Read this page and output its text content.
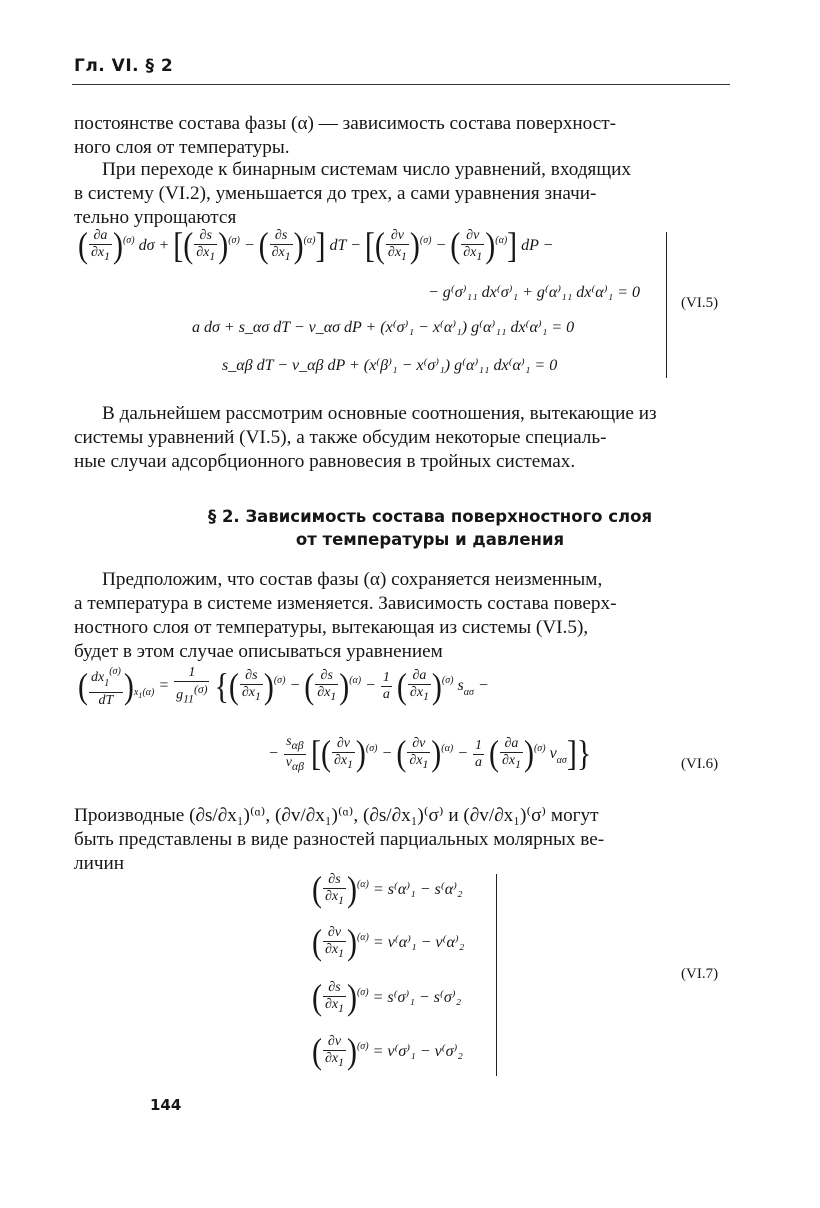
Гл. VI. § 2
постоянстве состава фазы (α) — зависимость состава поверхност-
ного слоя от температуры.
При переходе к бинарным системам число уравнений, входящих
в систему (VI.2), уменьшается до трех, а сами уравнения значи-
тельно упрощаются
( $\frac{\partial a}{\partial x_1} )^{(\sigma)}$ dσ + [( $\frac{\partial s}{\partial x_1} )^{(\sigma)}$ − ( $\frac{\partial s}{\partial x_1} )^{(\alpha)}$] dT − [( $\frac{\partial v}{\partial x_1} )^{(\sigma)}$ − ( $\frac{\partial v}{\partial x_1} )^{(\alpha)}$] dP −
− g⁽σ⁾₁₁ dx⁽σ⁾₁ + g⁽α⁾₁₁ dx⁽α⁾₁ = 0
a dσ + s_ασ dT − v_ασ dP + (x⁽σ⁾₁ − x⁽α⁾₁) g⁽α⁾₁₁ dx⁽α⁾₁ = 0
s_αβ dT − v_αβ dP + (x⁽β⁾₁ − x⁽σ⁾₁) g⁽α⁾₁₁ dx⁽α⁾₁ = 0
(VI.5)
В дальнейшем рассмотрим основные соотношения, вытекающие из
системы уравнений (VI.5), а также обсудим некоторые специаль-
ные случаи адсорбционного равновесия в тройных системах.
§ 2. Зависимость состава поверхностного слоя
от температуры и давления
Предположим, что состав фазы (α) сохраняется неизменным,
а температура в системе изменяется. Зависимость состава поверх-
ностного слоя от температуры, вытекающая из системы (VI.5),
будет в этом случае описываться уравнением
( $\frac{dx_1^{(\sigma)}}{dT} )_{x_1(\alpha)} = \frac{1}{g_{11}^{(\sigma)}}$ {( $\frac{\partial s}{\partial x_1} )^{(\sigma)}$ − ( $\frac{\partial s}{\partial x_1} )^{(\alpha)} - \frac{1}{a}$ ( $\frac{\partial a}{\partial x_1} )^{(\sigma)}$ $s_{\alpha\sigma}$ −
− $\frac{s_{\alpha\beta}}{v_{\alpha\beta}}$ [( $\frac{\partial v}{\partial x_1} )^{(\sigma)}$ − ( $\frac{\partial v}{\partial x_1} )^{(\alpha)} - \frac{1}{a}$ ( $\frac{\partial a}{\partial x_1} )^{(\sigma)}$ $v_{\alpha\sigma}$]}	(VI.6)
Производные (∂s/∂x₁)⁽ᵅ⁾, (∂v/∂x₁)⁽ᵅ⁾, (∂s/∂x₁)⁽σ⁾ и (∂v/∂x₁)⁽σ⁾ могут
быть представлены в виде разностей парциальных молярных ве-
личин
( $\frac{\partial s}{\partial x_1} )^{(\alpha)} = s^(\alpha^)_1 - s^(\alpha^)_2$
( $\frac{\partial v}{\partial x_1} )^{(\alpha)} = v^(\alpha^)_1 - v^(\alpha^)_2$
( $\frac{\partial s}{\partial x_1} )^{(\sigma)} = s^(\sigma^)_1 - s^(\sigma^)_2$
( $\frac{\partial v}{\partial x_1} )^{(\sigma)} = v^(\sigma^)_1 - v^(\sigma^)_2$
(VI.7)
144
